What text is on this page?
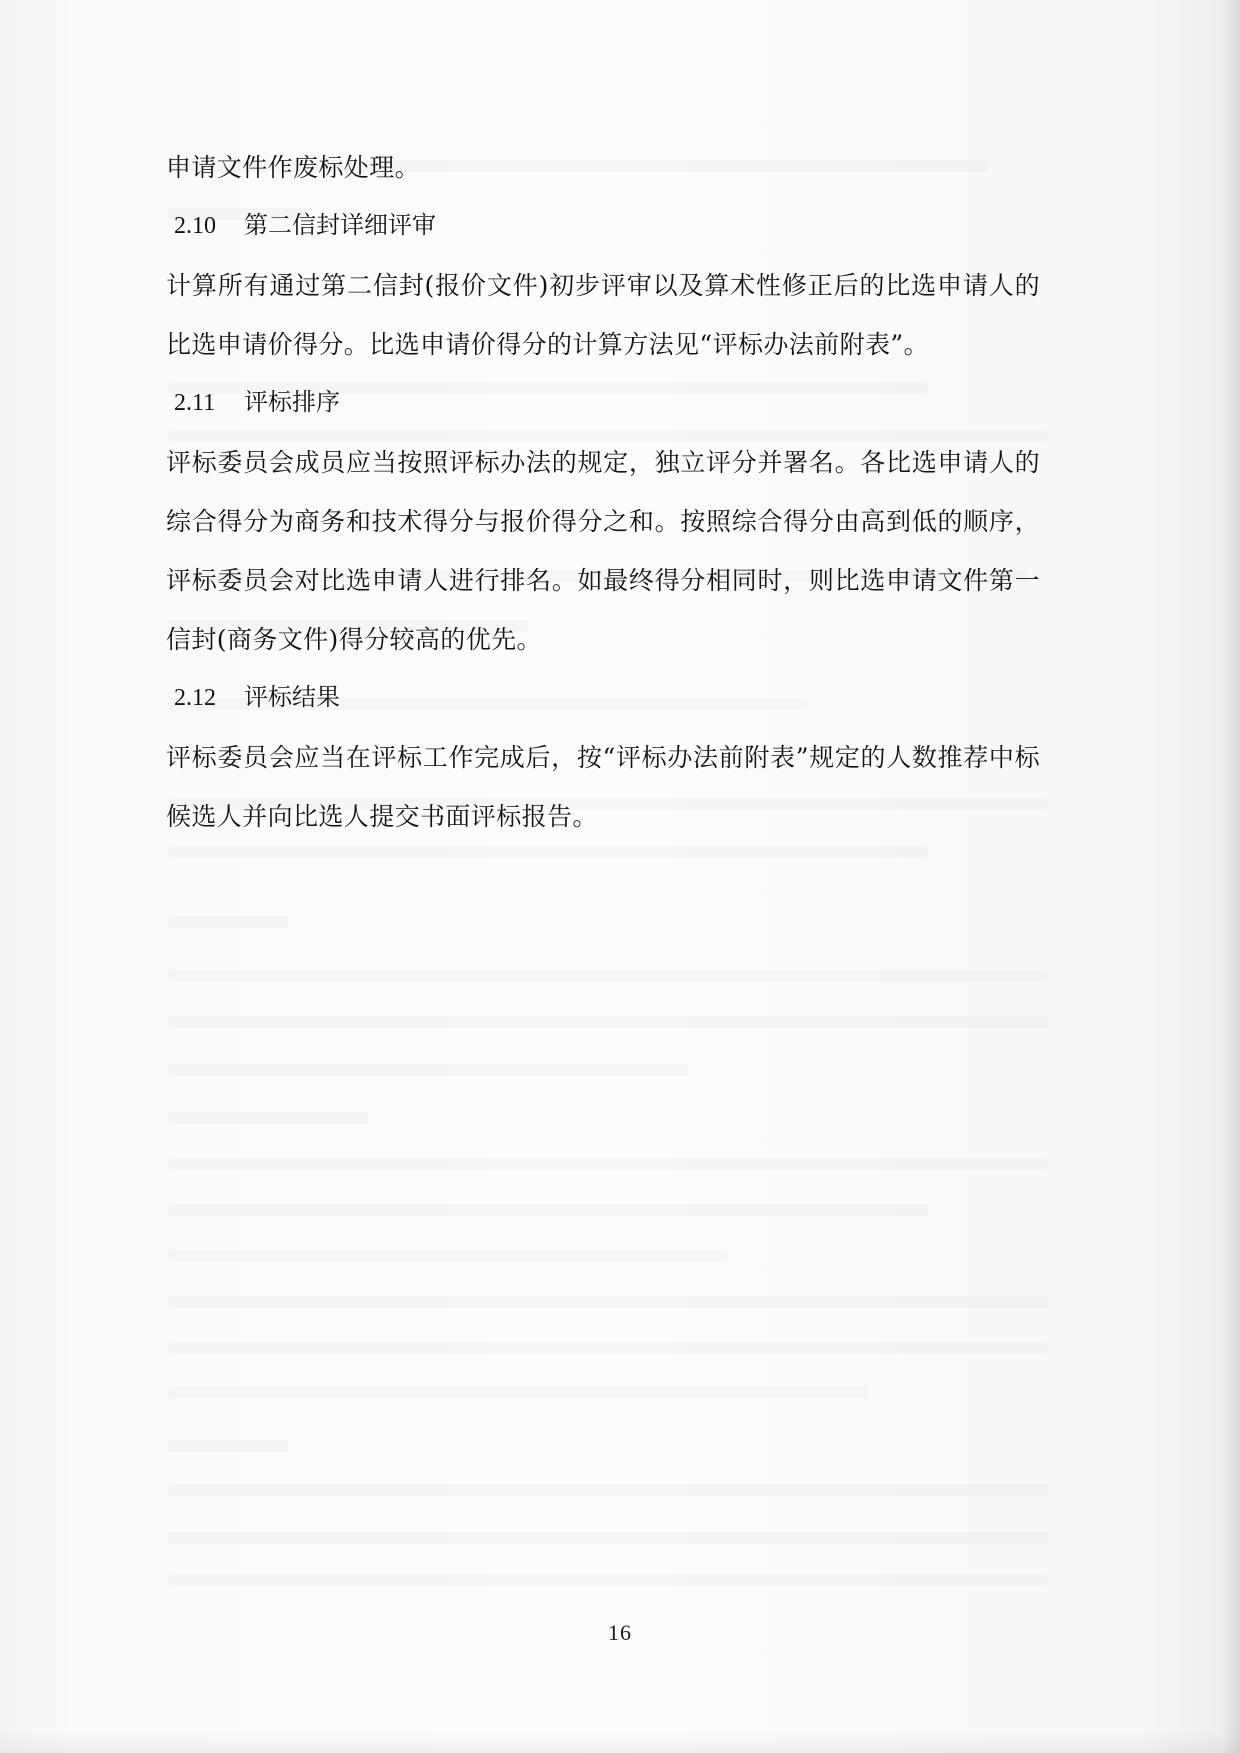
申请文件作废标处理。

2.10 第二信封详细评审

计算所有通过第二信封(报价文件)初步评审以及算术性修正后的比选申请人的比选申请价得分。比选申请价得分的计算方法见“评标办法前附表”。

2.11 评标排序

评标委员会成员应当按照评标办法的规定，独立评分并署名。各比选申请人的综合得分为商务和技术得分与报价得分之和。按照综合得分由高到低的顺序，评标委员会对比选申请人进行排名。如最终得分相同时，则比选申请文件第一信封(商务文件)得分较高的优先。

2.12 评标结果

评标委员会应当在评标工作完成后，按“评标办法前附表”规定的人数推荐中标候选人并向比选人提交书面评标报告。

16
